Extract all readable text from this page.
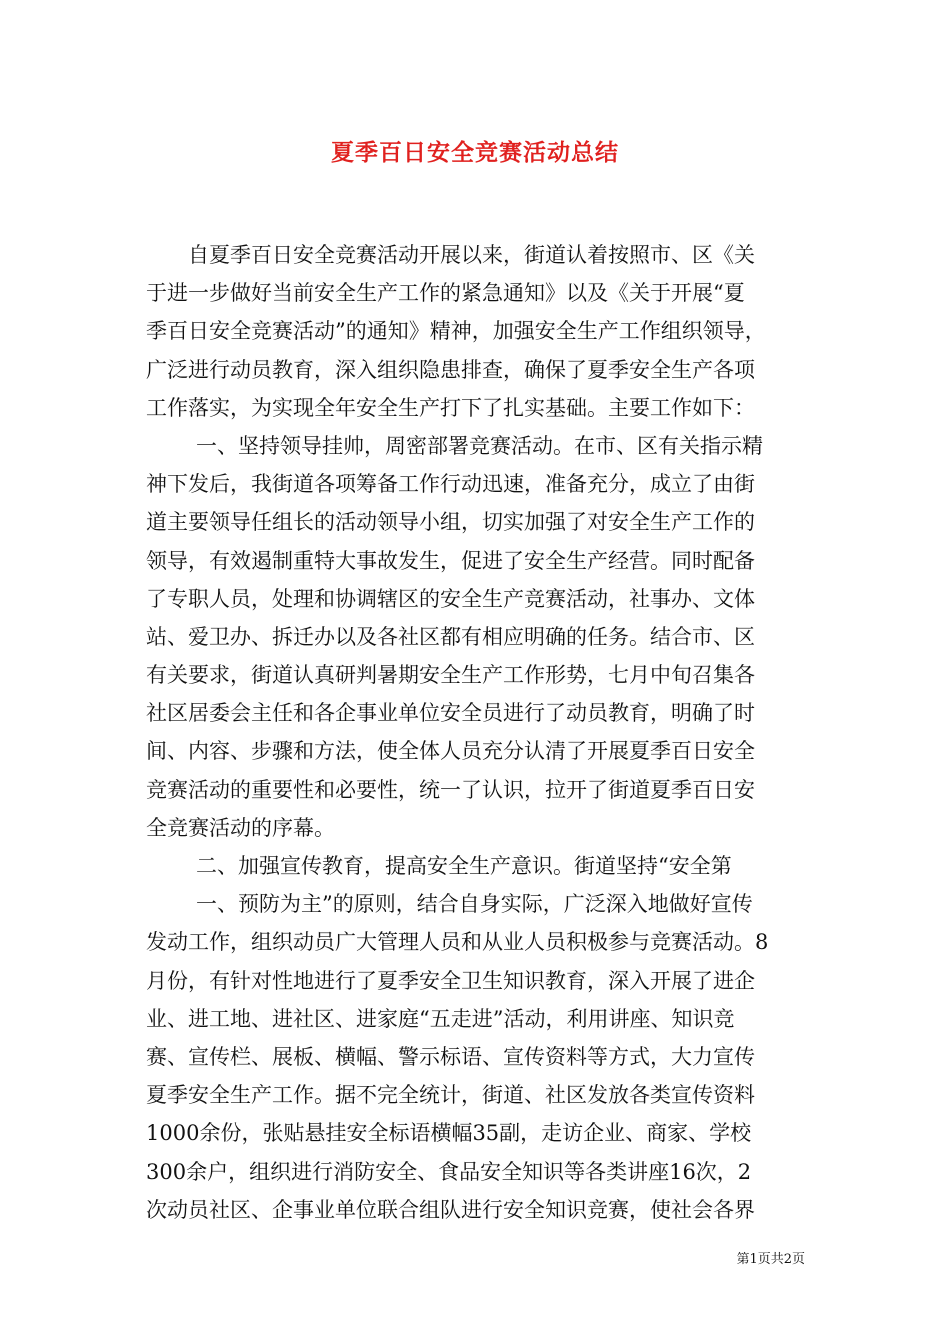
夏季百日安全竞赛活动总结
自夏季百日安全竞赛活动开展以来，街道认着按照市、区《关
于进一步做好当前安全生产工作的紧急通知》以及《关于开展“夏
季百日安全竞赛活动”的通知》精神，加强安全生产工作组织领导，
广泛进行动员教育，深入组织隐患排查，确保了夏季安全生产各项
工作落实，为实现全年安全生产打下了扎实基础。主要工作如下：
一、坚持领导挂帅，周密部署竞赛活动。在市、区有关指示精
神下发后，我街道各项筹备工作行动迅速，准备充分，成立了由街
道主要领导任组长的活动领导小组，切实加强了对安全生产工作的
领导，有效遏制重特大事故发生，促进了安全生产经营。同时配备
了专职人员，处理和协调辖区的安全生产竞赛活动，社事办、文体
站、爱卫办、拆迁办以及各社区都有相应明确的任务。结合市、区
有关要求，街道认真研判暑期安全生产工作形势，七月中旬召集各
社区居委会主任和各企事业单位安全员进行了动员教育，明确了时
间、内容、步骤和方法，使全体人员充分认清了开展夏季百日安全
竞赛活动的重要性和必要性，统一了认识，拉开了街道夏季百日安
全竞赛活动的序幕。
二、加强宣传教育，提高安全生产意识。街道坚持“安全第
一、预防为主”的原则，结合自身实际，广泛深入地做好宣传
发动工作，组织动员广大管理人员和从业人员积极参与竞赛活动。8
月份，有针对性地进行了夏季安全卫生知识教育，深入开展了进企
业、进工地、进社区、进家庭“五走进”活动，利用讲座、知识竞
赛、宣传栏、展板、横幅、警示标语、宣传资料等方式，大力宣传
夏季安全生产工作。据不完全统计，街道、社区发放各类宣传资料
1000余份，张贴悬挂安全标语横幅35副，走访企业、商家、学校
300余户，组织进行消防安全、食品安全知识等各类讲座16次，2
次动员社区、企事业单位联合组队进行安全知识竞赛，使社会各界
第1页共2页
